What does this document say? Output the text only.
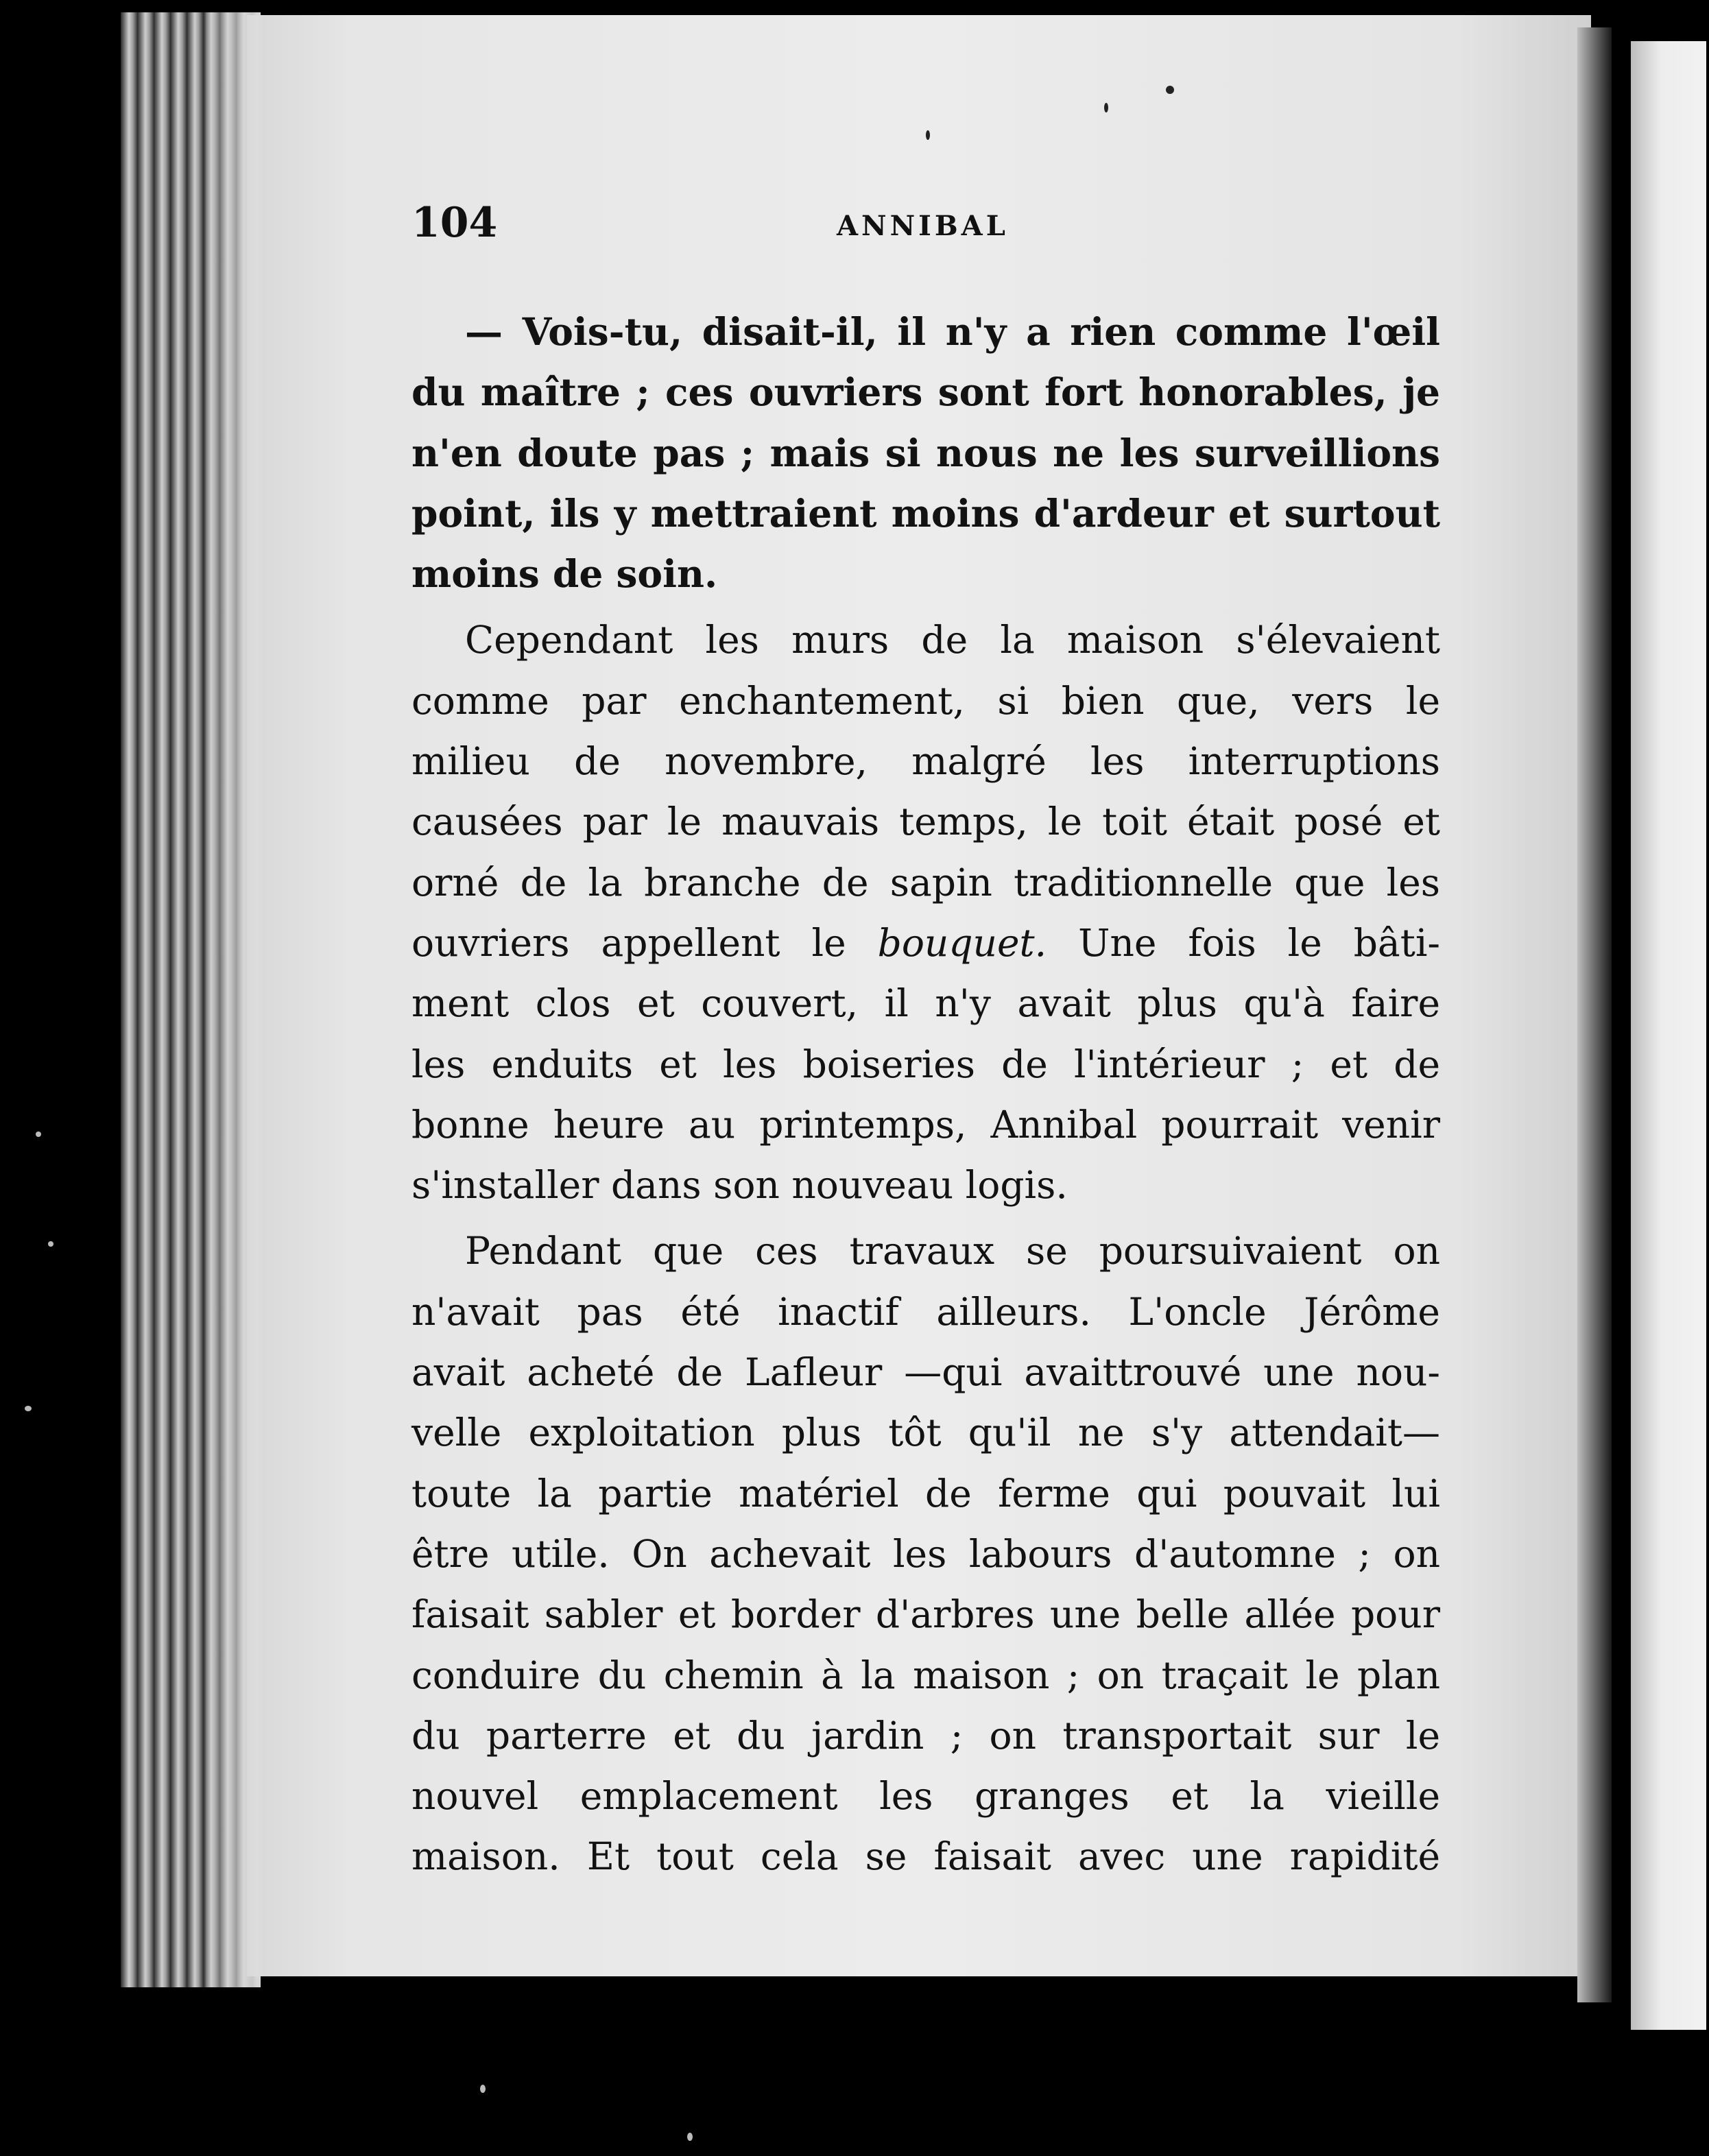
104	ANNIBAL
— Vois-tu, disait-il, il n'y a rien comme l'œil
du maître ; ces ouvriers sont fort honorables, je
n'en doute pas ; mais si nous ne les surveillions
point, ils y mettraient moins d'ardeur et surtout
moins de soin.
Cependant les murs de la maison s'élevaient
comme par enchantement, si bien que, vers le
milieu de novembre, malgré les interruptions
causées par le mauvais temps, le toit était posé et
orné de la branche de sapin traditionnelle que les
ouvriers appellent le bouquet. Une fois le bâti-
ment clos et couvert, il n'y avait plus qu'à faire
les enduits et les boiseries de l'intérieur ; et de
bonne heure au printemps, Annibal pourrait venir
s'installer dans son nouveau logis.
Pendant que ces travaux se poursuivaient on
n'avait pas été inactif ailleurs. L'oncle Jérôme
avait acheté de Lafleur —qui avaittrouvé une nou-
velle exploitation plus tôt qu'il ne s'y attendait—
toute la partie matériel de ferme qui pouvait lui
être utile. On achevait les labours d'automne ; on
faisait sabler et border d'arbres une belle allée pour
conduire du chemin à la maison ; on traçait le plan
du parterre et du jardin ; on transportait sur le
nouvel emplacement les granges et la vieille
maison. Et tout cela se faisait avec une rapidité
